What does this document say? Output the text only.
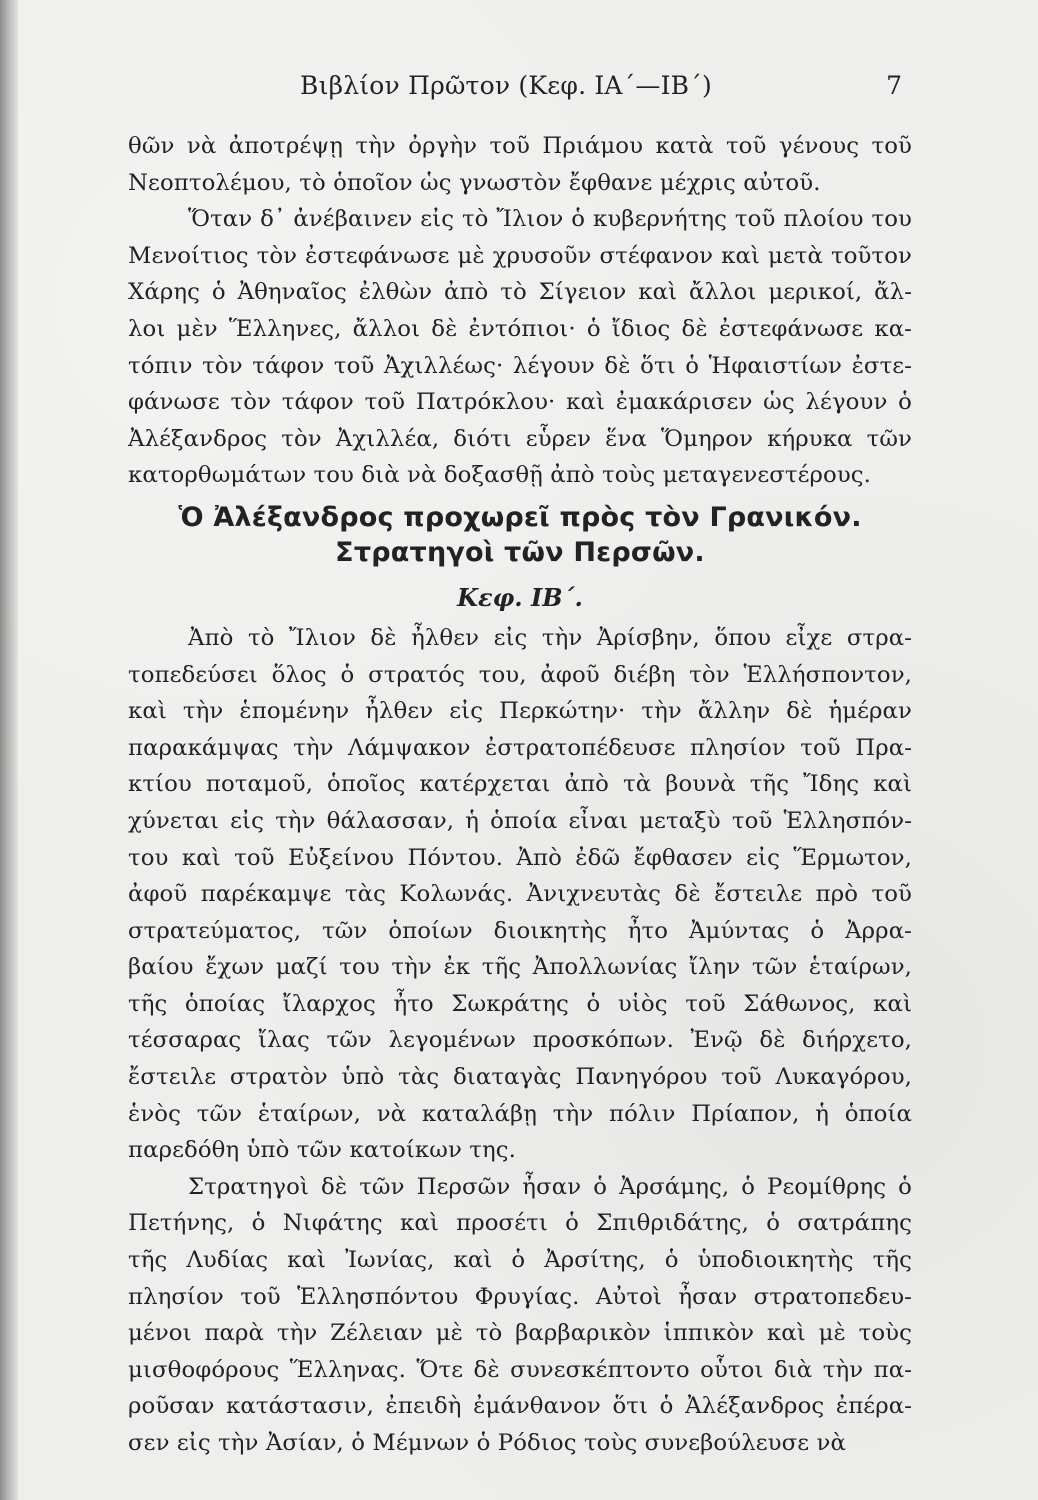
Βιβλίον Πρῶτον (Κεφ. ΙΑ΄—ΙΒ΄)	7
θῶν νὰ ἀποτρέψῃ τὴν ὀργὴν τοῦ Πριάμου κατὰ τοῦ γένους τοῦ
Νεοπτολέμου, τὸ ὁποῖον ὡς γνωστὸν ἔφθανε μέχρις αὐτοῦ.
Ὅταν δ᾽ ἀνέβαινεν εἰς τὸ Ἴλιον ὁ κυβερνήτης τοῦ πλοίου του
Μενοίτιος τὸν ἐστεφάνωσε μὲ χρυσοῦν στέφανον καὶ μετὰ τοῦτον
Χάρης ὁ Ἀθηναῖος ἐλθὼν ἀπὸ τὸ Σίγειον καὶ ἄλλοι μερικοί, ἄλ-
λοι μὲν Ἕλληνες, ἄλλοι δὲ ἐντόπιοι· ὁ ἴδιος δὲ ἐστεφάνωσε κα-
τόπιν τὸν τάφον τοῦ Ἀχιλλέως· λέγουν δὲ ὅτι ὁ Ἡφαιστίων ἐστε-
φάνωσε τὸν τάφον τοῦ Πατρόκλου· καὶ ἐμακάρισεν ὡς λέγουν ὁ
Ἀλέξανδρος τὸν Ἀχιλλέα, διότι εὗρεν ἕνα Ὅμηρον κήρυκα τῶν
κατορθωμάτων του διὰ νὰ δοξασθῇ ἀπὸ τοὺς μεταγενεστέρους.
Ὁ Ἀλέξανδρος προχωρεῖ πρὸς τὸν Γρανικόν.
Στρατηγοὶ τῶν Περσῶν.
Κεφ. ΙΒ΄.
Ἀπὸ τὸ Ἴλιον δὲ ἦλθεν εἰς τὴν Ἀρίσβην, ὅπου εἶχε στρα-
τοπεδεύσει ὅλος ὁ στρατός του, ἀφοῦ διέβη τὸν Ἑλλήσποντον,
καὶ τὴν ἑπομένην ἦλθεν εἰς Περκώτην· τὴν ἄλλην δὲ ἡμέραν
παρακάμψας τὴν Λάμψακον ἐστρατοπέδευσε πλησίον τοῦ Πρα-
κτίου ποταμοῦ, ὁποῖος κατέρχεται ἀπὸ τὰ βουνὰ τῆς Ἴδης καὶ
χύνεται εἰς τὴν θάλασσαν, ἡ ὁποία εἶναι μεταξὺ τοῦ Ἑλλησπόν-
του καὶ τοῦ Εὐξείνου Πόντου. Ἀπὸ ἐδῶ ἔφθασεν εἰς Ἕρμωτον,
ἀφοῦ παρέκαμψε τὰς Κολωνάς. Ἀνιχνευτὰς δὲ ἔστειλε πρὸ τοῦ
στρατεύματος, τῶν ὁποίων διοικητὴς ἦτο Ἀμύντας ὁ Ἀρρα-
βαίου ἔχων μαζί του τὴν ἐκ τῆς Ἀπολλωνίας ἴλην τῶν ἑταίρων,
τῆς ὁποίας ἴλαρχος ἦτο Σωκράτης ὁ υἱὸς τοῦ Σάθωνος, καὶ
τέσσαρας ἴλας τῶν λεγομένων προσκόπων. Ἐνῷ δὲ διήρχετο,
ἔστειλε στρατὸν ὑπὸ τὰς διαταγὰς Πανηγόρου τοῦ Λυκαγόρου,
ἑνὸς τῶν ἑταίρων, νὰ καταλάβῃ τὴν πόλιν Πρίαπον, ἡ ὁποία
παρεδόθη ὑπὸ τῶν κατοίκων της.
Στρατηγοὶ δὲ τῶν Περσῶν ἦσαν ὁ Ἀρσάμης, ὁ Ρεομίθρης ὁ
Πετήνης, ὁ Νιφάτης καὶ προσέτι ὁ Σπιθριδάτης, ὁ σατράπης
τῆς Λυδίας καὶ Ἰωνίας, καὶ ὁ Ἀρσίτης, ὁ ὑποδιοικητὴς τῆς
πλησίον τοῦ Ἑλλησπόντου Φρυγίας. Αὐτοὶ ἦσαν στρατοπεδευ-
μένοι παρὰ τὴν Ζέλειαν μὲ τὸ βαρβαρικὸν ἱππικὸν καὶ μὲ τοὺς
μισθοφόρους Ἕλληνας. Ὅτε δὲ συνεσκέπτοντο οὗτοι διὰ τὴν πα-
ροῦσαν κατάστασιν, ἐπειδὴ ἐμάνθανον ὅτι ὁ Ἀλέξανδρος ἐπέρα-
σεν εἰς τὴν Ἀσίαν, ὁ Μέμνων ὁ Ρόδιος τοὺς συνεβούλευσε νὰ
